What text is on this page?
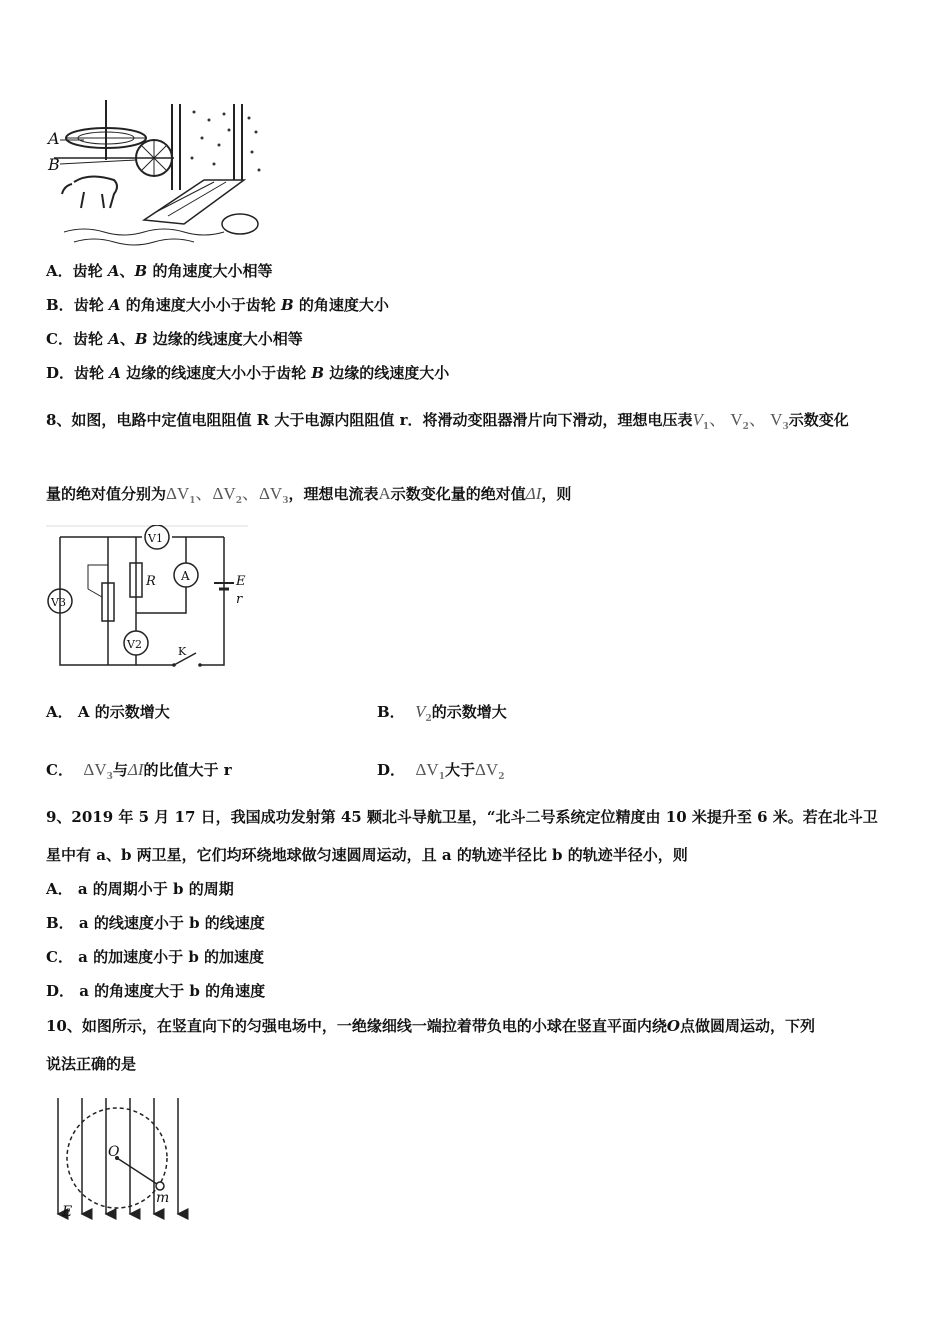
A
B
A．齿轮 A、B 的角速度大小相等
B．齿轮 A 的角速度大小小于齿轮 B 的角速度大小
C．齿轮 A、B 边缘的线速度大小相等
D．齿轮 A 边缘的线速度大小小于齿轮 B 边缘的线速度大小
8、如图，电路中定值电阻阻值 R 大于电源内阻阻值 r．将滑动变阻器滑片向下滑动，理想电压表$V_1$、 $V_2$、 $V_3$示数变化
量的绝对值分别为$\Delta V_1$、$\Delta V_2$、$\Delta V_3$，理想电流表A示数变化量的绝对值ΔI，则
V1
V3
R
V2
A	E
r
K
A． A 的示数增大	B． $V_2$的示数增大
C． $\Delta V_3$与ΔI的比值大于 r	D． $\Delta V_1$大于$\Delta V_2$
9、2019 年 5 月 17 日，我国成功发射第 45 颗北斗导航卫星，“北斗二号系统定位精度由 10 米提升至 6 米。若在北斗卫
星中有 a、b 两卫星，它们均环绕地球做匀速圆周运动，且 a 的轨迹半径比 b 的轨迹半径小，则
A． a 的周期小于 b 的周期
B． a 的线速度小于 b 的线速度
C． a 的加速度小于 b 的加速度
D． a 的角速度大于 b 的角速度
10、如图所示，在竖直向下的匀强电场中，一绝缘细线一端拉着带负电的小球在竖直平面内绕O点做圆周运动，下列
说法正确的是
O
m
E
